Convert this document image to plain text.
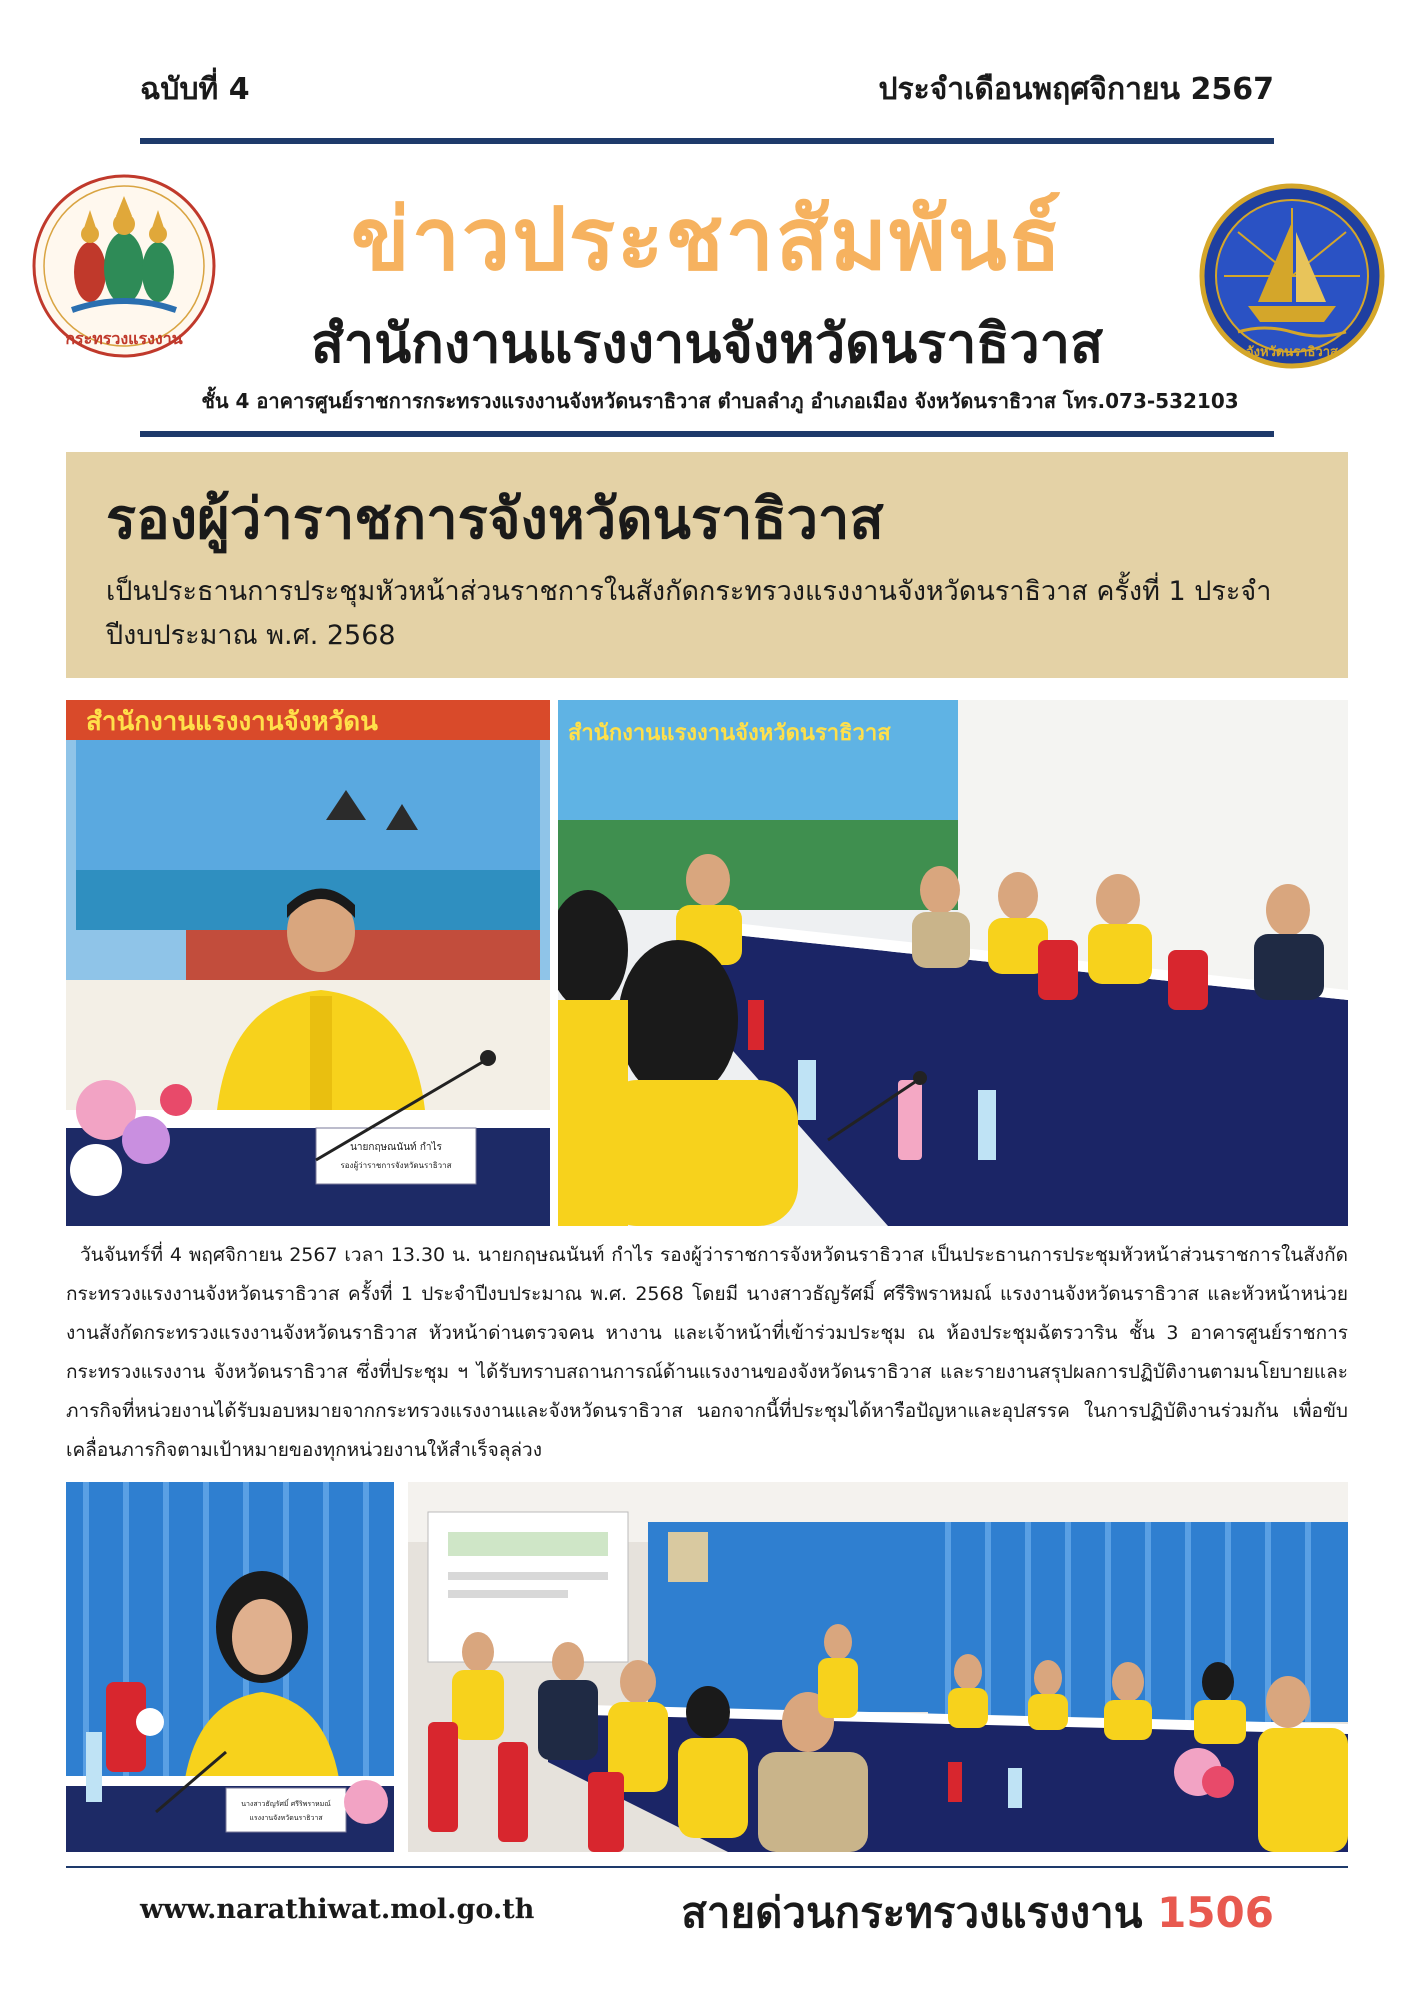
ฉบับที่ 4	ประจำเดือนพฤศจิกายน 2567
กระทรวงแรงงาน
จังหวัดนราธิวาส
ข่าวประชาสัมพันธ์
สำนักงานแรงงานจังหวัดนราธิวาส
ชั้น 4 อาคารศูนย์ราชการกระทรวงแรงงานจังหวัดนราธิวาส ตำบลลำภู อำเภอเมือง จังหวัดนราธิวาส โทร.073-532103
รองผู้ว่าราชการจังหวัดนราธิวาส
เป็นประธานการประชุมหัวหน้าส่วนราชการในสังกัดกระทรวงแรงงานจังหวัดนราธิวาส ครั้งที่ 1 ประจำปีงบประมาณ พ.ศ. 2568
สำนักงานแรงงานจังหวัดน
นายกฤษณนันท์ กำไร
รองผู้ว่าราชการจังหวัดนราธิวาส
สำนักงานแรงงานจังหวัดนราธิวาส
วันจันทร์ที่ 4 พฤศจิกายน 2567 เวลา 13.30 น. นายกฤษณนันท์ กำไร รองผู้ว่าราชการจังหวัดนราธิวาส เป็นประธานการประชุมหัวหน้าส่วนราชการในสังกัดกระทรวงแรงงานจังหวัดนราธิวาส ครั้งที่ 1 ประจำปีงบประมาณ พ.ศ. 2568 โดยมี นางสาวธัญรัศมิ์ ศรีริพราหมณ์ แรงงานจังหวัดนราธิวาส และหัวหน้าหน่วยงานสังกัดกระทรวงแรงงานจังหวัดนราธิวาส หัวหน้าด่านตรวจคน หางาน และเจ้าหน้าที่เข้าร่วมประชุม ณ ห้องประชุมฉัตรวาริน ชั้น 3 อาคารศูนย์ราชการกระทรวงแรงงาน จังหวัดนราธิวาส ซึ่งที่ประชุม ฯ ได้รับทราบสถานการณ์ด้านแรงงานของจังหวัดนราธิวาส และรายงานสรุปผลการปฏิบัติงานตามนโยบายและภารกิจที่หน่วยงานได้รับมอบหมายจากกระทรวงแรงงานและจังหวัดนราธิวาส นอกจากนี้ที่ประชุมได้หารือปัญหาและอุปสรรค ในการปฏิบัติงานร่วมกัน เพื่อขับเคลื่อนภารกิจตามเป้าหมายของทุกหน่วยงานให้สำเร็จลุล่วง
นางสาวธัญรัศมิ์ ศรีริพราหมณ์
แรงงานจังหวัดนราธิวาส
www.narathiwat.mol.go.th	สายด่วนกระทรวงแรงงาน 1506
